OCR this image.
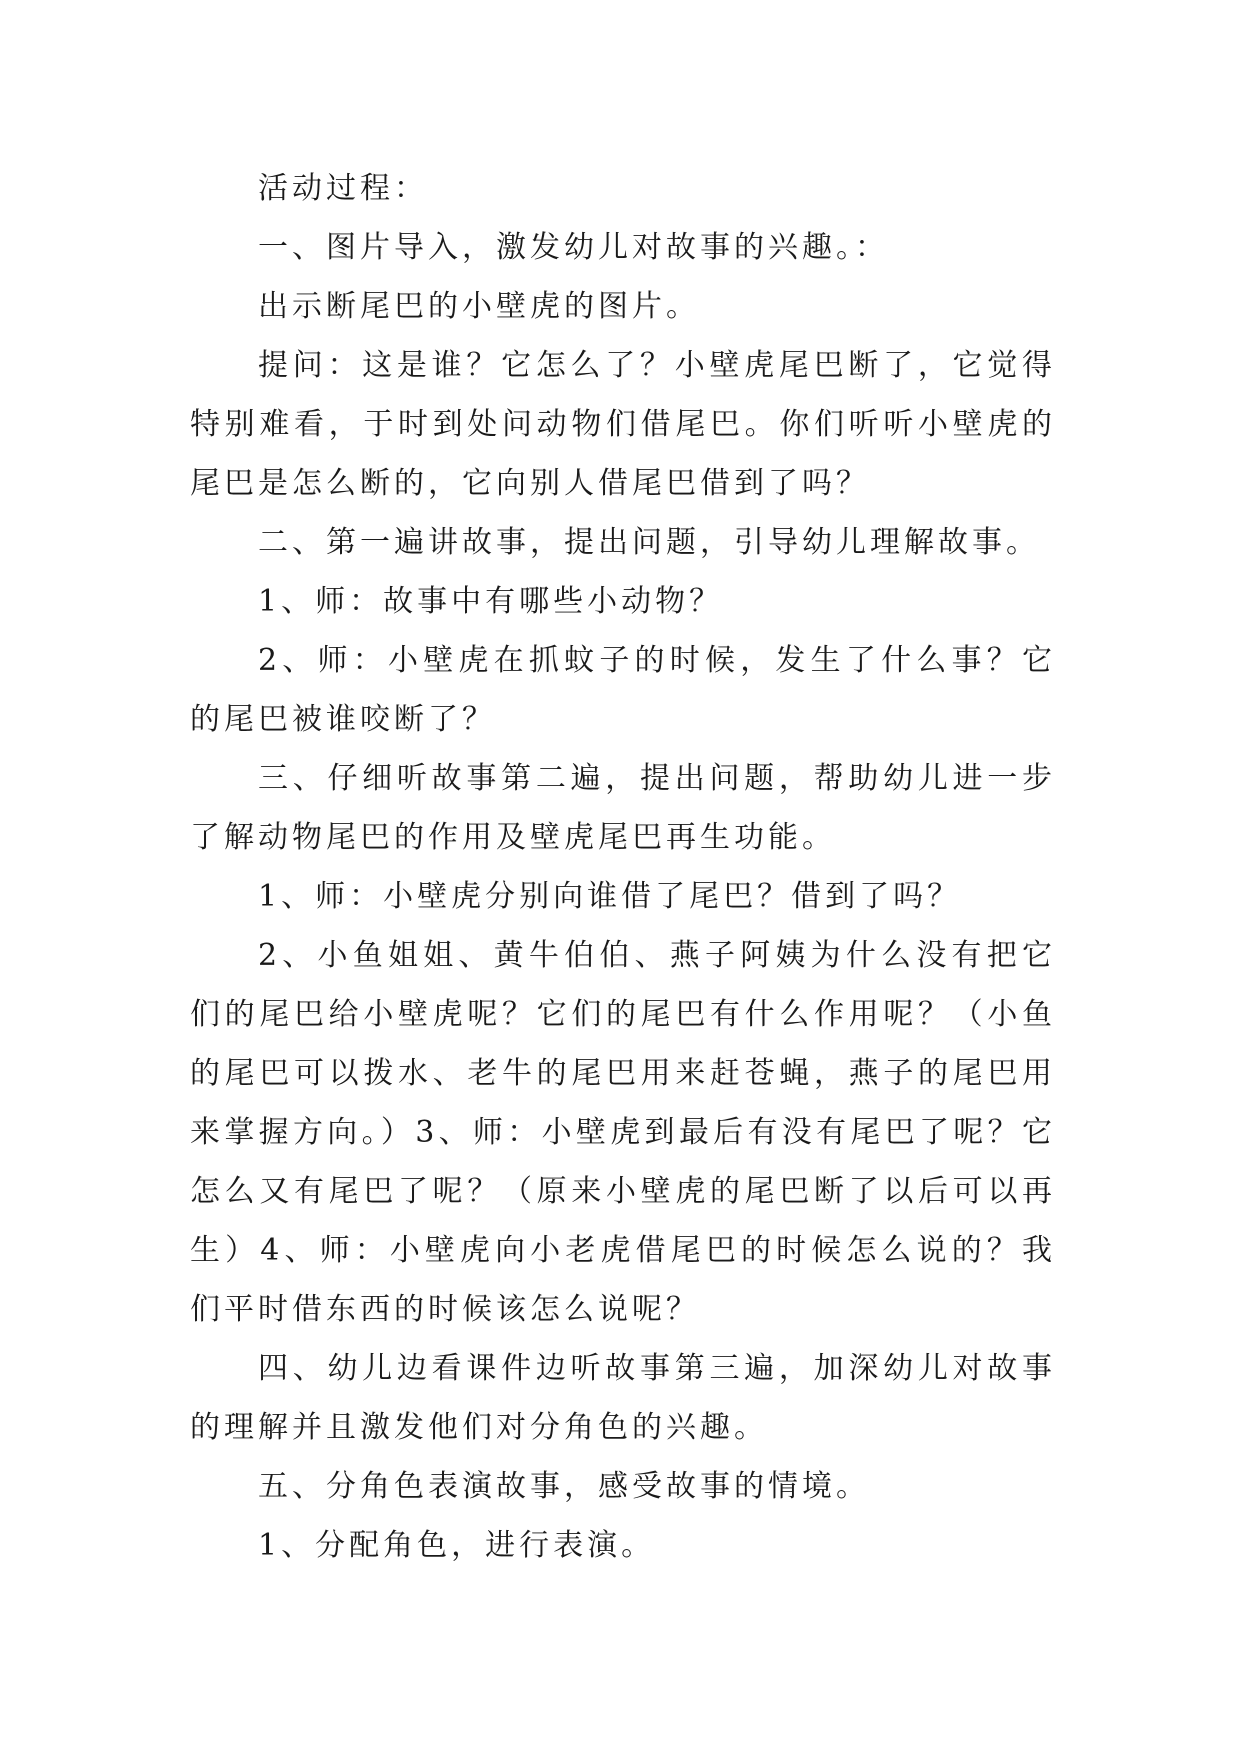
活动过程：

一、图片导入，激发幼儿对故事的兴趣。：

出示断尾巴的小壁虎的图片。

提问：这是谁？它怎么了？小壁虎尾巴断了，它觉得特别难看，于时到处问动物们借尾巴。你们听听小壁虎的尾巴是怎么断的，它向别人借尾巴借到了吗？

二、第一遍讲故事，提出问题，引导幼儿理解故事。

1、师：故事中有哪些小动物？

2、师：小壁虎在抓蚊子的时候，发生了什么事？它的尾巴被谁咬断了？

三、仔细听故事第二遍，提出问题，帮助幼儿进一步了解动物尾巴的作用及壁虎尾巴再生功能。

1、师：小壁虎分别向谁借了尾巴？借到了吗？

2、小鱼姐姐、黄牛伯伯、燕子阿姨为什么没有把它们的尾巴给小壁虎呢？它们的尾巴有什么作用呢？（小鱼的尾巴可以拨水、老牛的尾巴用来赶苍蝇，燕子的尾巴用来掌握方向。）3、师：小壁虎到最后有没有尾巴了呢？它怎么又有尾巴了呢？（原来小壁虎的尾巴断了以后可以再生）4、师：小壁虎向小老虎借尾巴的时候怎么说的？我们平时借东西的时候该怎么说呢？

四、幼儿边看课件边听故事第三遍，加深幼儿对故事的理解并且激发他们对分角色的兴趣。

五、分角色表演故事，感受故事的情境。

1、分配角色，进行表演。
